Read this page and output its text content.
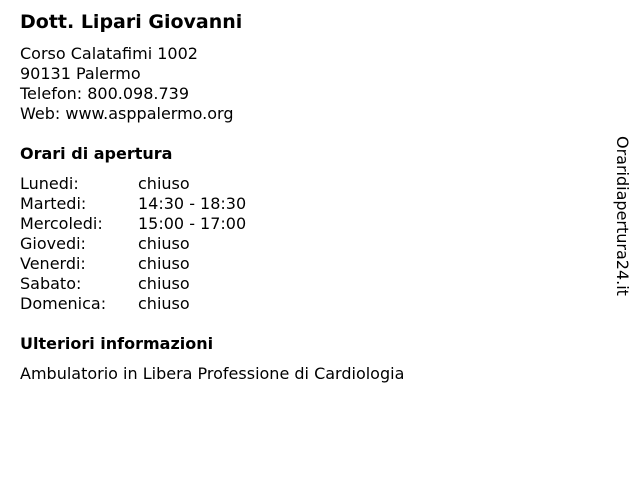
Dott. Lipari Giovanni
Corso Calatafimi 1002
90131 Palermo
Telefon: 800.098.739
Web: www.asppalermo.org
Orari di apertura
Lunedi:	chiuso
Martedi:	14:30 - 18:30
Mercoledi:	15:00 - 17:00
Giovedi:	chiuso
Venerdi:	chiuso
Sabato:	chiuso
Domenica:	chiuso
Ulteriori informazioni
Ambulatorio in Libera Professione di Cardiologia
Oraridiapertura24.it
